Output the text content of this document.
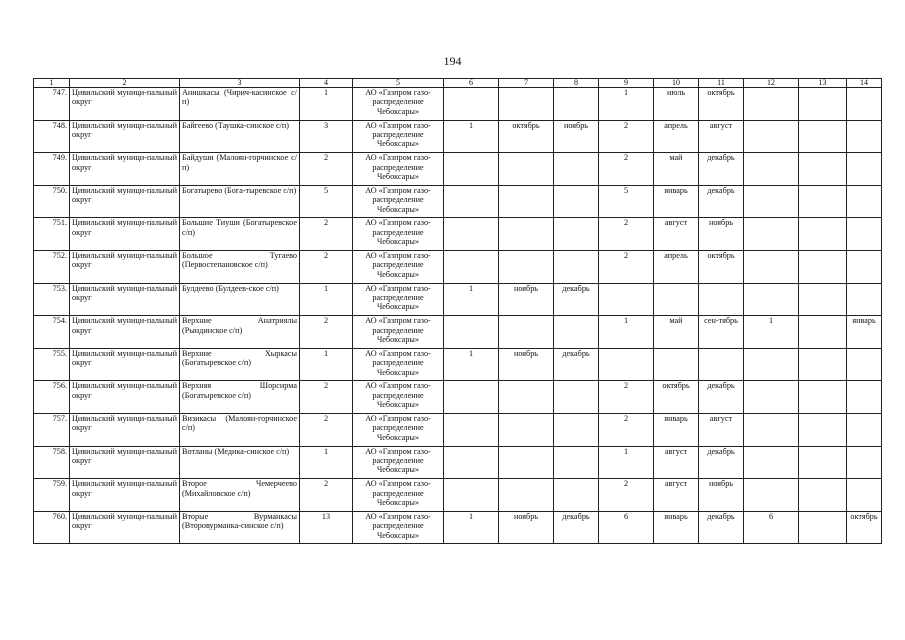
194
1	2	3	4	5	6	7	8	9	10	11	12	13	14
747.	Цивильский муници-пальный округ	Анишкасы (Чирич-касинское с/п)	1	АО «Газпром газо-распределение Чебоксары»				1	июль	октябрь			
748.	Цивильский муници-пальный округ	Байгеево (Таушка-синское с/п)	3	АО «Газпром газо-распределение Чебоксары»	1	октябрь	ноябрь	2	апрель	август			
749.	Цивильский муници-пальный округ	Байдуши (Малоян-горчинское с/п)	2	АО «Газпром газо-распределение Чебоксары»				2	май	декабрь			
750.	Цивильский муници-пальный округ	Богатырево (Бога-тыревское с/п)	5	АО «Газпром газо-распределение Чебоксары»				5	январь	декабрь			
751.	Цивильский муници-пальный округ	Большие Тиуши (Богатыревское с/п)	2	АО «Газпром газо-распределение Чебоксары»				2	август	ноябрь			
752.	Цивильский муници-пальный округ	Большое Тугаево (Первостепановское с/п)	2	АО «Газпром газо-распределение Чебоксары»				2	апрель	октябрь			
753.	Цивильский муници-пальный округ	Булдеево (Булдеев-ское с/п)	1	АО «Газпром газо-распределение Чебоксары»	1	ноябрь	декабрь						
754.	Цивильский муници-пальный округ	Верхние Анатриялы (Рындинское с/п)	2	АО «Газпром газо-распределение Чебоксары»				1	май	сен-тябрь	1		январь
755.	Цивильский муници-пальный округ	Верхние Хыркасы (Богатыревское с/п)	1	АО «Газпром газо-распределение Чебоксары»	1	ноябрь	декабрь						
756.	Цивильский муници-пальный округ	Верхняя Шорсирма (Богатыревское с/п)	2	АО «Газпром газо-распределение Чебоксары»				2	октябрь	декабрь			
757.	Цивильский муници-пальный округ	Визикасы (Малоян-горчинское с/п)	2	АО «Газпром газо-распределение Чебоксары»				2	январь	август			
758.	Цивильский муници-пальный округ	Вотланы (Медика-синское с/п)	1	АО «Газпром газо-распределение Чебоксары»				1	август	декабрь			
759.	Цивильский муници-пальный округ	Второе Чемерчеево (Михайловское с/п)	2	АО «Газпром газо-распределение Чебоксары»				2	август	ноябрь			
760.	Цивильский муници-пальный округ	Вторые Вурманкасы (Второвурманка-синское с/п)	13	АО «Газпром газо-распределение Чебоксары»	1	ноябрь	декабрь	6	январь	декабрь	6		октябрь
